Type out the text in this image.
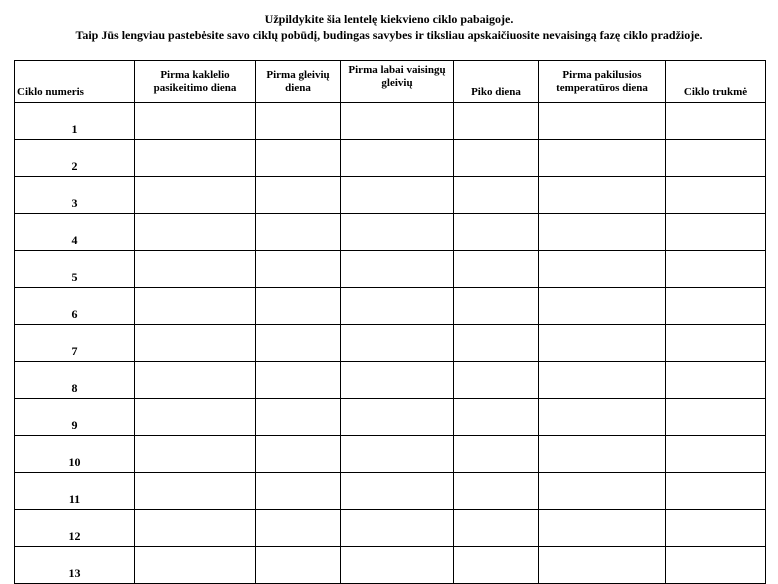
Užpildykite šia lentelę kiekvieno ciklo pabaigoje.
Taip Jūs lengviau pastebėsite savo ciklų pobūdį, budingas savybes ir tiksliau apskaičiuosite nevaisingą fazę ciklo pradžioje.
Ciklo numeris	Pirma kaklelio pasikeitimo diena	Pirma gleivių diena	Pirma labai vaisingų gleivių	Piko diena	Pirma pakilusios temperatūros diena	Ciklo trukmė
1						
2						
3						
4						
5						
6						
7						
8						
9						
10						
11						
12						
13						
